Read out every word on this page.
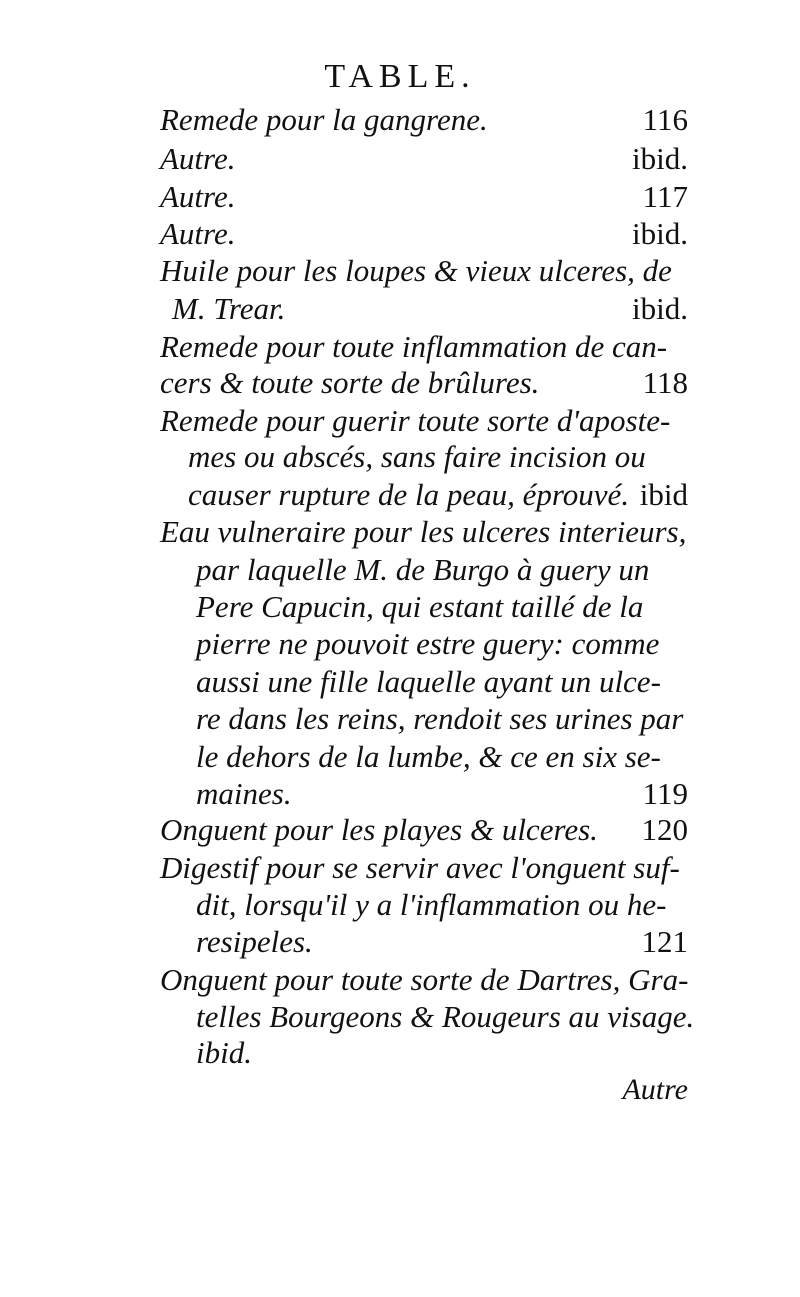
TABLE.
Remede pour la gangrene.	116
Autre.	ibid.
Autre.	117
Autre.	ibid.
Huile pour les loupes & vieux ulceres, de
M. Trear.	ibid.
Remede pour toute inflammation de can-
cers & toute sorte de brûlures.	118
Remede pour guerir toute sorte d'aposte-
mes ou abscés, sans faire incision ou
causer rupture de la peau, éprouvé. ibid
Eau vulneraire pour les ulceres interieurs,
par laquelle M. de Burgo à guery un
Pere Capucin, qui estant taillé de la
pierre ne pouvoit estre guery: comme
aussi une fille laquelle ayant un ulce-
re dans les reins, rendoit ses urines par
le dehors de la lumbe, & ce en six se-
maines.	119
Onguent pour les playes & ulceres. 120
Digestif pour se servir avec l'onguent suf-
dit, lorsqu'il y a l'inflammation ou he-
resipeles.	121
Onguent pour toute sorte de Dartres, Gra-
telles Bourgeons & Rougeurs au visage.
ibid.
Autre
